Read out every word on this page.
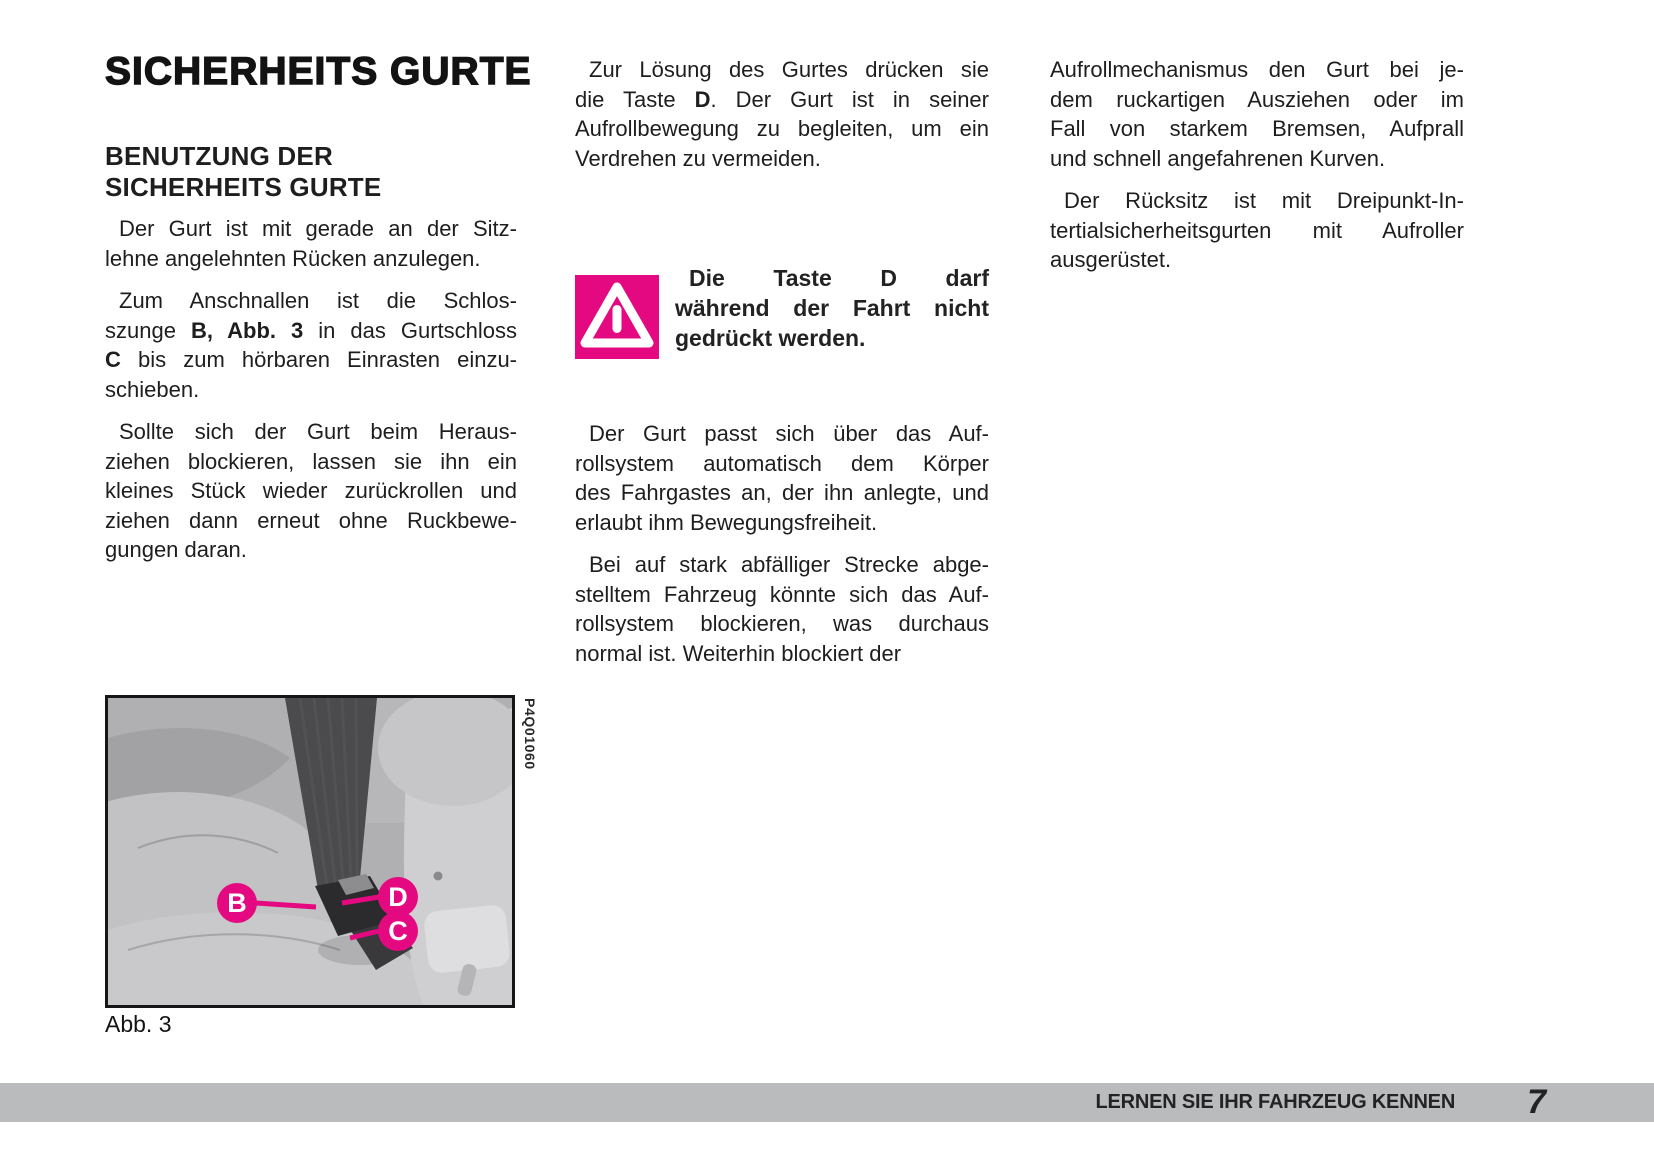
SICHERHEITS GURTE
BENUTZUNG DER
SICHERHEITS GURTE
Der Gurt ist mit gerade an der Sitz-
lehne angelehnten Rücken anzulegen.
Zum Anschnallen ist die Schlos-
szunge B, Abb. 3 in das Gurtschloss
C bis zum hörbaren Einrasten einzu-
schieben.
Sollte sich der Gurt beim Heraus-
ziehen blockieren, lassen sie ihn ein
kleines Stück wieder zurückrollen und
ziehen dann erneut ohne Ruckbewe-
gungen daran.
Zur Lösung des Gurtes drücken sie
die Taste D. Der Gurt ist in seiner
Aufrollbewegung zu begleiten, um ein
Verdrehen zu vermeiden.
Die Taste D darf
während der Fahrt nicht
gedrückt werden.
Der Gurt passt sich über das Auf-
rollsystem automatisch dem Körper
des Fahrgastes an, der ihn anlegte, und
erlaubt ihm Bewegungsfreiheit.
Bei auf stark abfälliger Strecke abge-
stelltem Fahrzeug könnte sich das Auf-
rollsystem blockieren, was durchaus
normal ist. Weiterhin blockiert der
Aufrollmechanismus den Gurt bei je-
dem ruckartigen Ausziehen oder im
Fall von starkem Bremsen, Aufprall
und schnell angefahrenen Kurven.
Der Rücksitz ist mit Dreipunkt-In-
tertialsicherheitsgurten mit Aufroller
ausgerüstet.
B	D
C
P4Q01060
Abb. 3
LERNEN SIE IHR FAHRZEUG KENNEN 7
